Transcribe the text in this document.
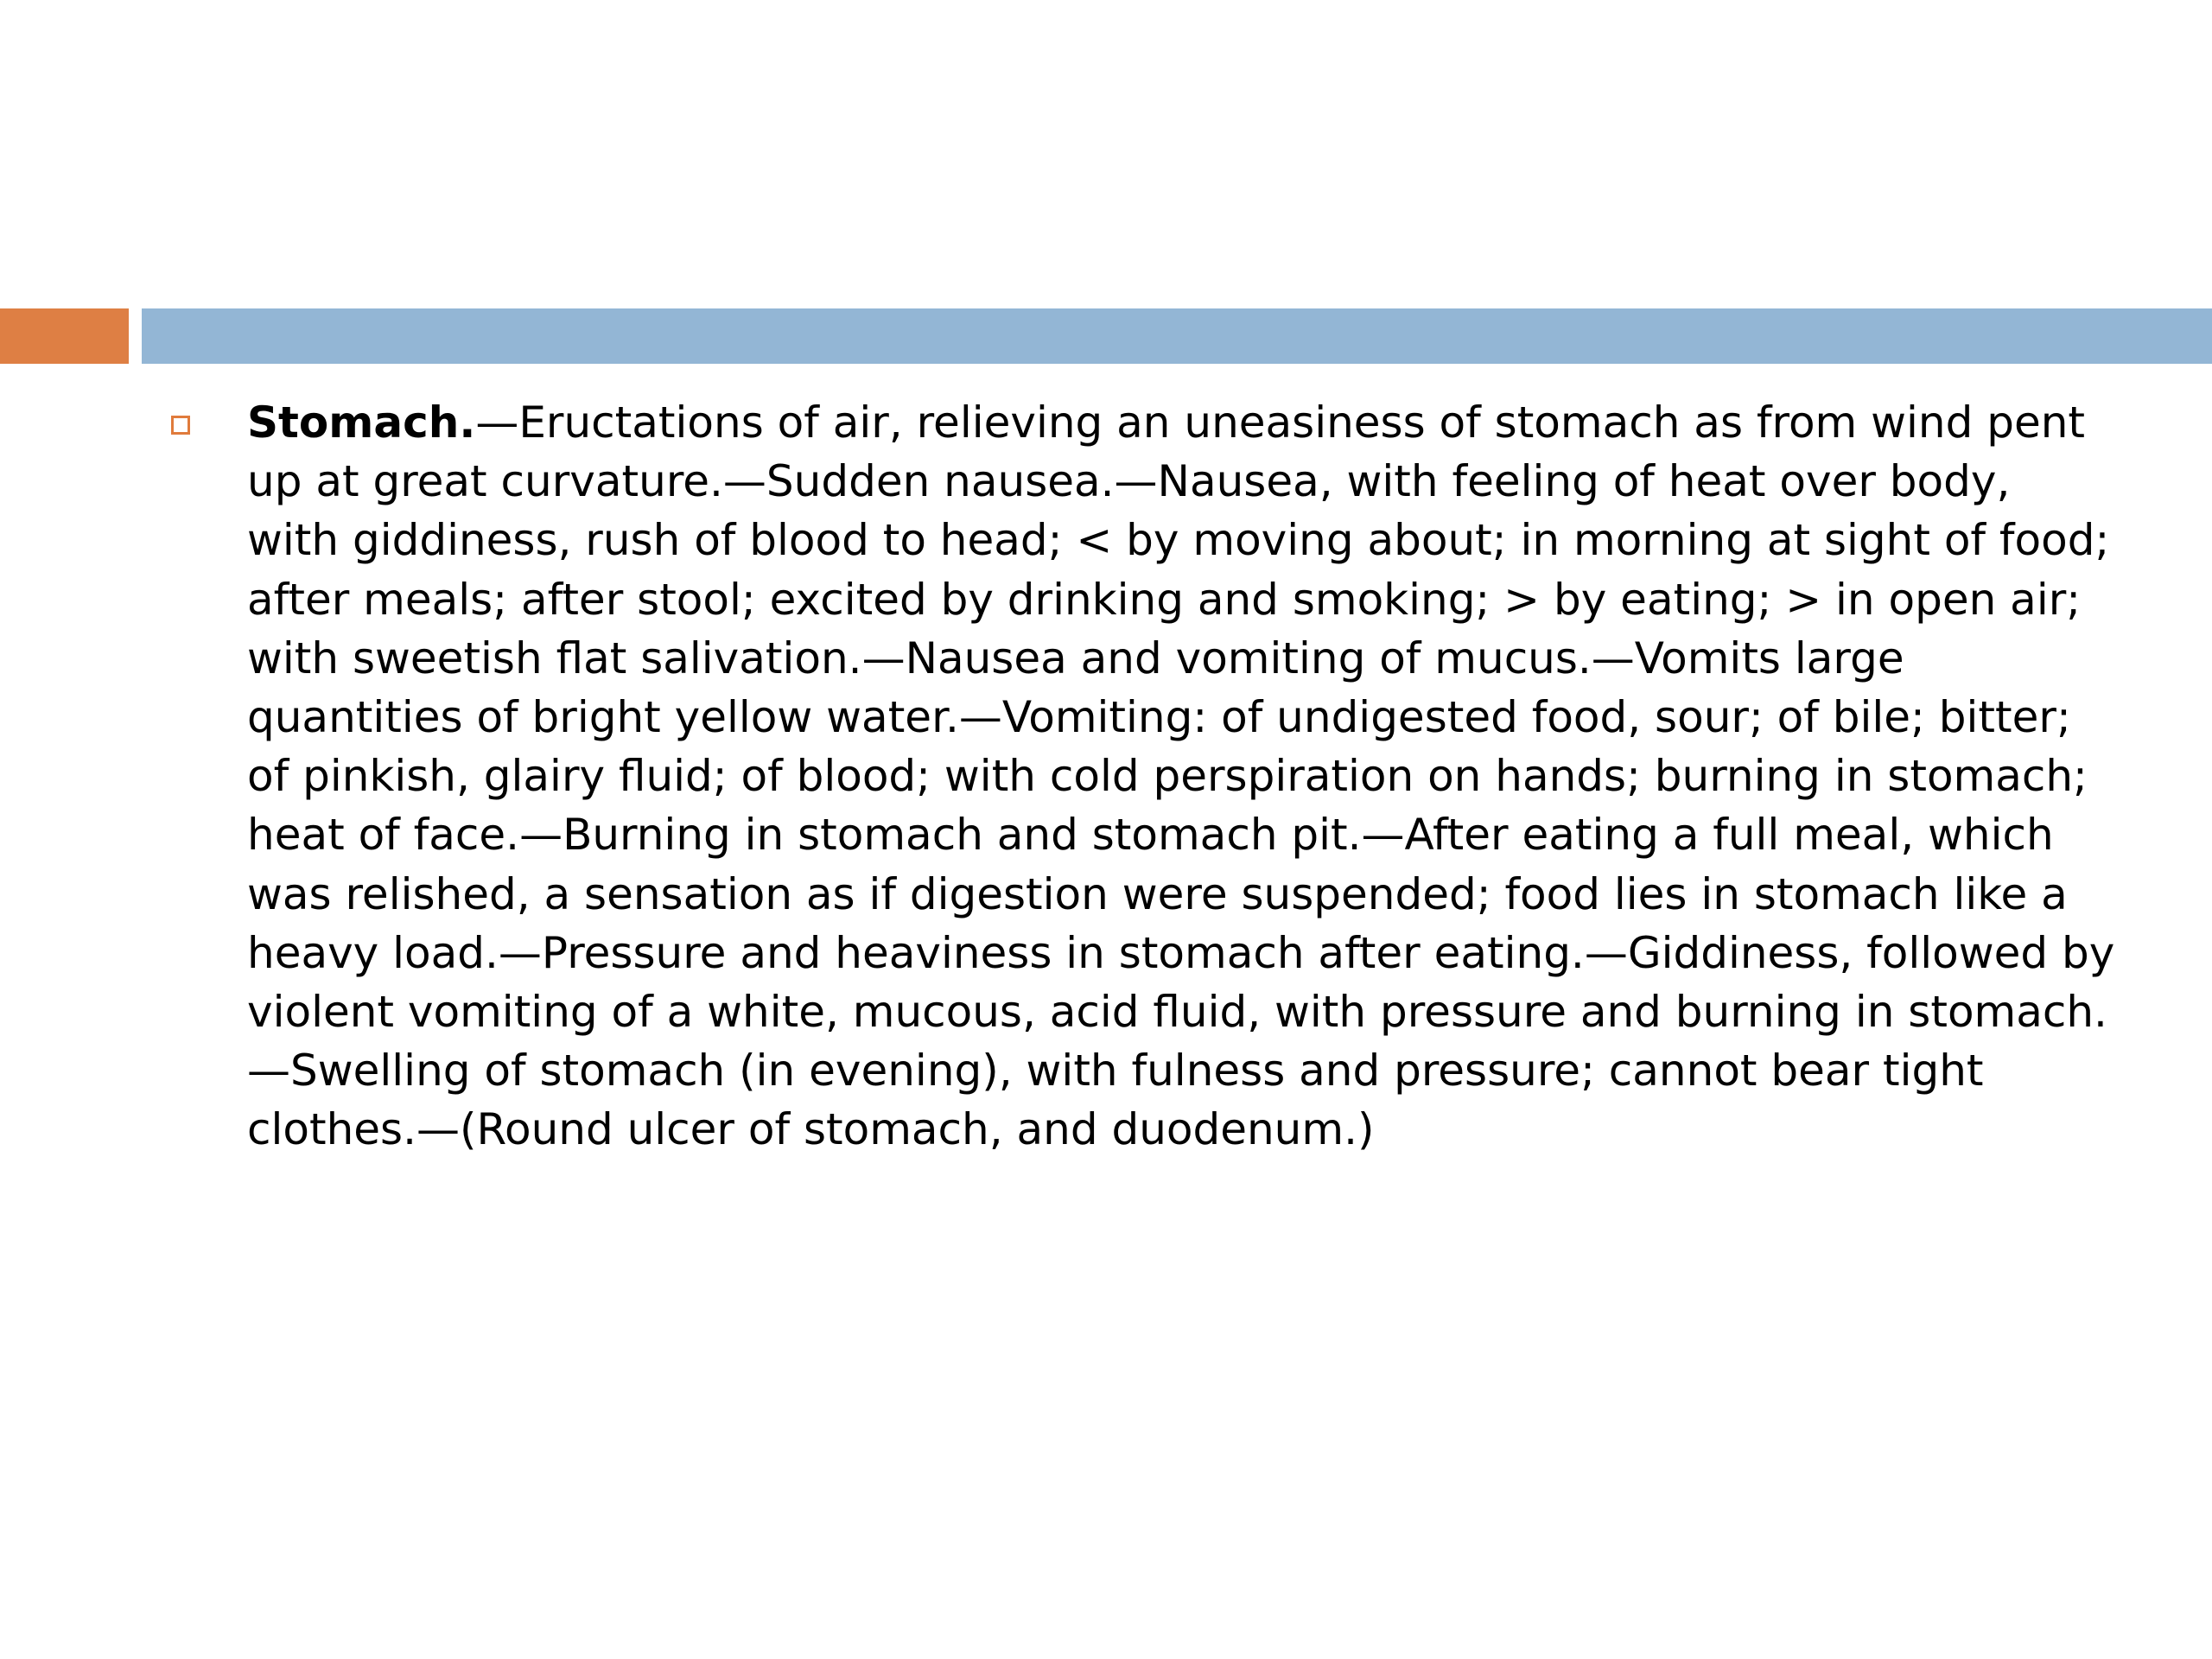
Stomach.—Eructations of air, relieving an uneasiness of stomach as from wind pent up at great curvature.—Sudden nausea.—Nausea, with feeling of heat over body, with giddiness, rush of blood to head; < by moving about; in morning at sight of food; after meals; after stool; excited by drinking and smoking; > by eating; > in open air; with sweetish flat salivation.—Nausea and vomiting of mucus.—Vomits large quantities of bright yellow water.—Vomiting: of undigested food, sour; of bile; bitter; of pinkish, glairy fluid; of blood; with cold perspiration on hands; burning in stomach; heat of face.—Burning in stomach and stomach pit.—After eating a full meal, which was relished, a sensation as if digestion were suspended; food lies in stomach like a heavy load.—Pressure and heaviness in stomach after eating.—Giddiness, followed by violent vomiting of a white, mucous, acid fluid, with pressure and burning in stomach.—Swelling of stomach (in evening), with fulness and pressure; cannot bear tight clothes.—(Round ulcer of stomach, and duodenum.)
